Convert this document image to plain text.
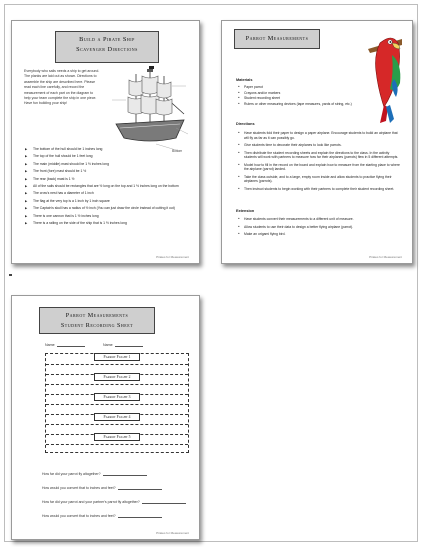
Build a Pirate Ship
Scavenger Directions
Everybody who sails needs a ship to get around. The planks are laid out as shown. Directions to assemble the ship are described here. Please read each line carefully, and record the measurement of each part on the diagram to help your team complete the ship in one piece. Have fun building your ship!
Bottom
▶ The bottom of the hull should be 1 inches long
▶ The top of the hull should be 1 feet long
▶ The main (middle) mast should be 1 ½ inches long
▶ The front (fore) mast should be 1 ½
▶ The rear (back) mast is 1 ½
▶ All of the sails should be rectangles that are ½ long on the top and 1 ½ inches long on the bottom
▶ The crow's nest has a diameter of 1 inch
▶ The flag at the very top is a 1 inch by 1 inch square
▶ The Captain's skull has a radius of ½ inch (You can just draw the circle instead of cutting it out)
▶ There is one cannon that is 1 ½ inches long
▶ There is a railing on the side of the ship that is 1 ½ inches long
Pirates for Measurement
Parrot Measurements
Materials
● Paper parrot
● Crayons and/or markers
● Student recording sheet
● Rulers or other measuring devices (tape measures, yards of string, etc.)
Directions
● Have students fold their paper to design a paper airplane. Encourage students to build an airplane that will fly as far as it can possibly go.
● Give students time to decorate their airplanes to look like parrots.
● Then distribute the student recording sheets and explain the directions to the class. In the activity students will work with partners to measure how far their airplanes (parrots) flew in 5 different attempts.
● Model how to fill in the record on the board and explain how to measure from the starting place to where the airplane (parrot) landed.
● Take the class outside, and to a large, empty room inside and allow students to practice flying their airplanes (parrots).
● Then instruct students to begin working with their partners to complete their student recording sheet.
Extension
● Have students convert their measurements to a different unit of measure.
● Allow students to use their data to design a better flying airplane (parrot).
● Make an origami flying bird.
Pirates for Measurement
Parrot Measurements
Student Recording Sheet
Name	Name
Parrot Flight 1
Parrot Flight 2
Parrot Flight 3
Parrot Flight 4
Parrot Flight 5
How far did your parrot fly altogether?
How would you convert that to inches and feet?
How far did your parrot and your partner's parrot fly altogether?
How would you convert that to inches and feet?
Pirates for Measurement
